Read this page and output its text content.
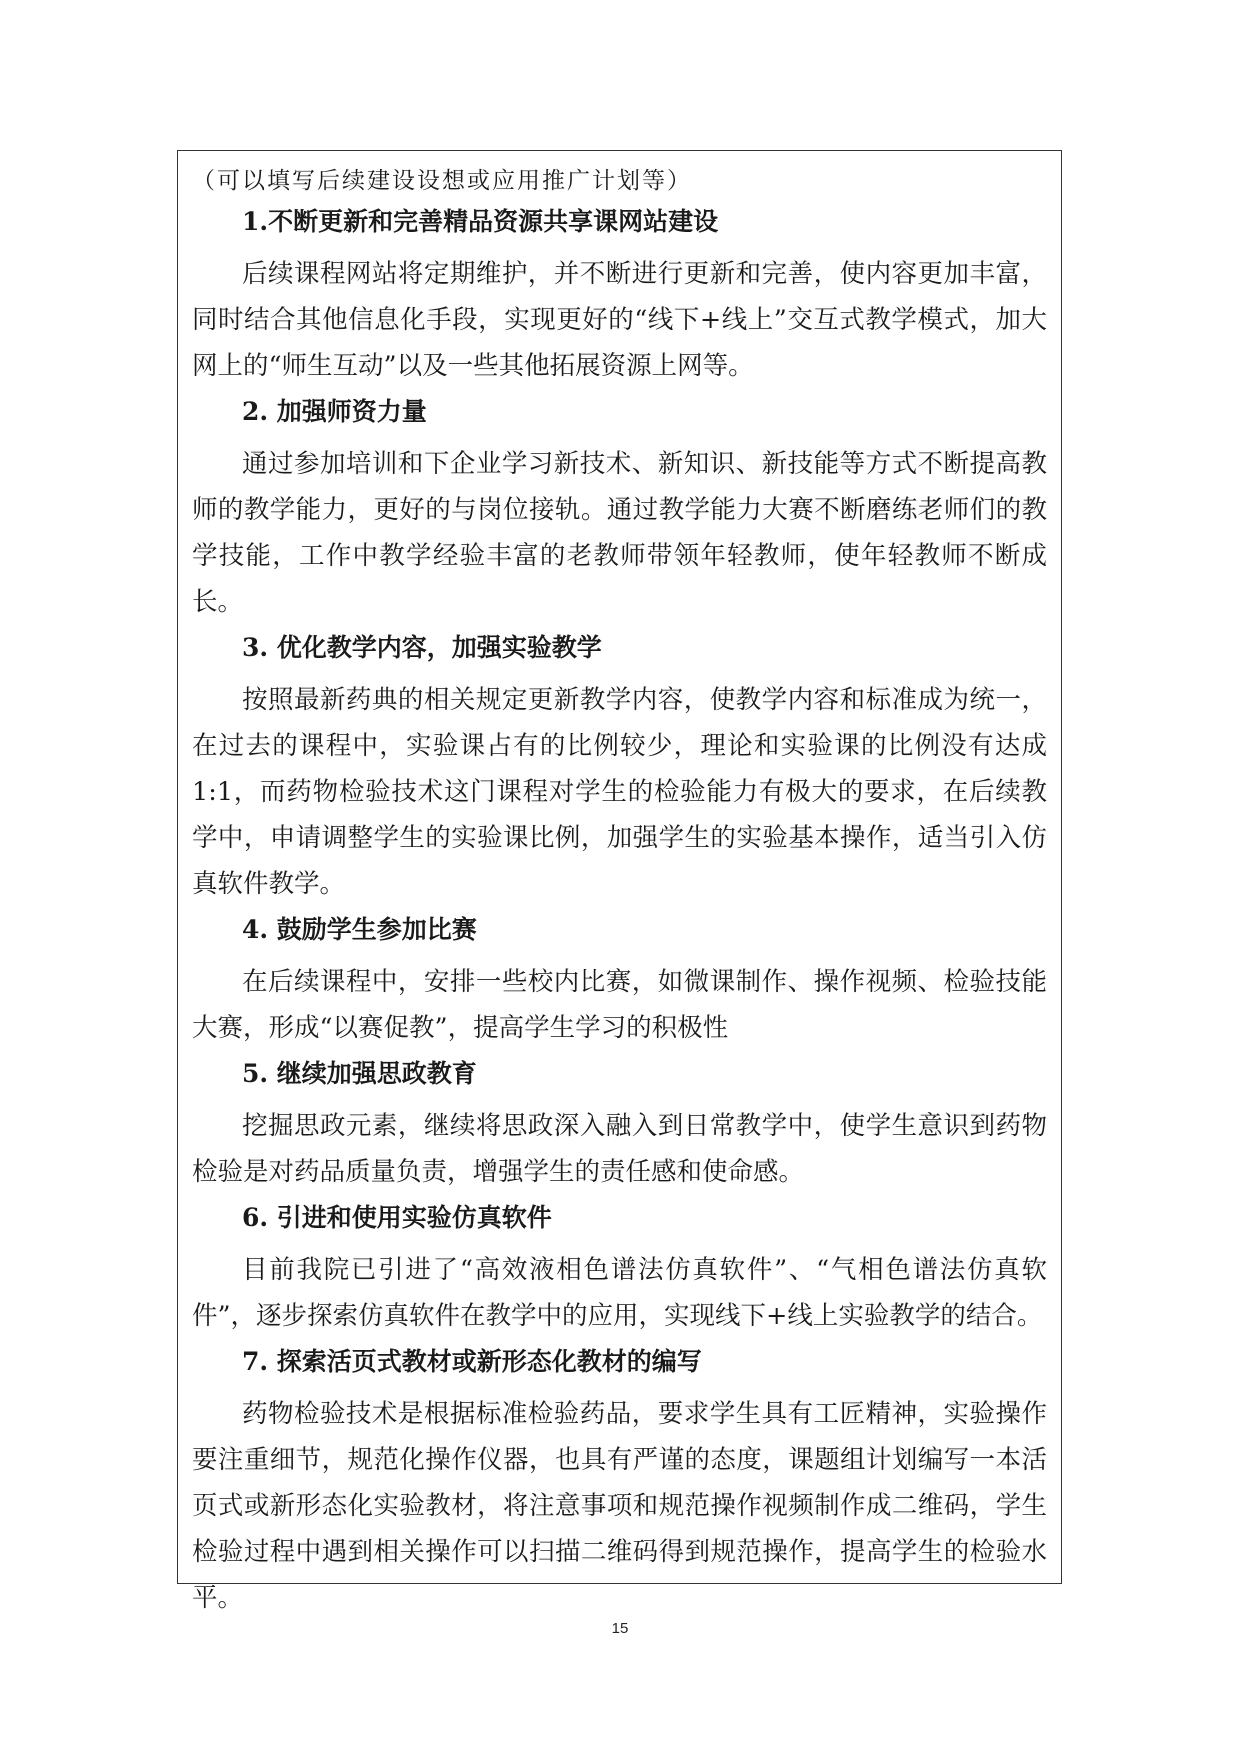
（可以填写后续建设设想或应用推广计划等）

1.不断更新和完善精品资源共享课网站建设

后续课程网站将定期维护，并不断进行更新和完善，使内容更加丰富，同时结合其他信息化手段，实现更好的“线下+线上”交互式教学模式，加大网上的“师生互动”以及一些其他拓展资源上网等。

2. 加强师资力量

通过参加培训和下企业学习新技术、新知识、新技能等方式不断提高教师的教学能力，更好的与岗位接轨。通过教学能力大赛不断磨练老师们的教学技能，工作中教学经验丰富的老教师带领年轻教师，使年轻教师不断成长。

3. 优化教学内容，加强实验教学

按照最新药典的相关规定更新教学内容，使教学内容和标准成为统一，在过去的课程中，实验课占有的比例较少，理论和实验课的比例没有达成1:1，而药物检验技术这门课程对学生的检验能力有极大的要求，在后续教学中，申请调整学生的实验课比例，加强学生的实验基本操作，适当引入仿真软件教学。

4. 鼓励学生参加比赛

在后续课程中，安排一些校内比赛，如微课制作、操作视频、检验技能大赛，形成“以赛促教”，提高学生学习的积极性

5. 继续加强思政教育

挖掘思政元素，继续将思政深入融入到日常教学中，使学生意识到药物检验是对药品质量负责，增强学生的责任感和使命感。

6. 引进和使用实验仿真软件

目前我院已引进了“高效液相色谱法仿真软件”、“气相色谱法仿真软件”，逐步探索仿真软件在教学中的应用，实现线下+线上实验教学的结合。

7. 探索活页式教材或新形态化教材的编写

药物检验技术是根据标准检验药品，要求学生具有工匠精神，实验操作要注重细节，规范化操作仪器，也具有严谨的态度，课题组计划编写一本活页式或新形态化实验教材，将注意事项和规范操作视频制作成二维码，学生检验过程中遇到相关操作可以扫描二维码得到规范操作，提高学生的检验水平。

15
